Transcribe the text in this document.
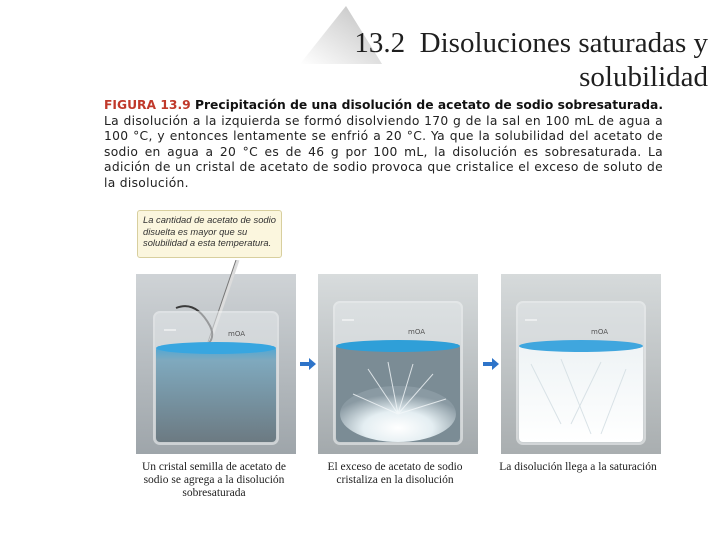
13.2 Disoluciones saturadas y solubilidad
FIGURA 13.9 Precipitación de una disolución de acetato de sodio sobresaturada. La disolución a la izquierda se formó disolviendo 170 g de la sal en 100 mL de agua a 100 °C, y entonces lentamente se enfrió a 20 °C. Ya que la solubilidad del acetato de sodio en agua a 20 °C es de 46 g por 100 mL, la disolución es sobresaturada. La adición de un cristal de acetato de sodio provoca que cristalice el exceso de soluto de la disolución.
La cantidad de acetato de sodio disuelta es mayor que su solubilidad a esta temperatura.
mOA	mOA	mOA
Un cristal semilla de acetato de sodio se agrega a la disolución sobresaturada
El exceso de acetato de sodio cristaliza en la disolución
La disolución llega a la saturación
